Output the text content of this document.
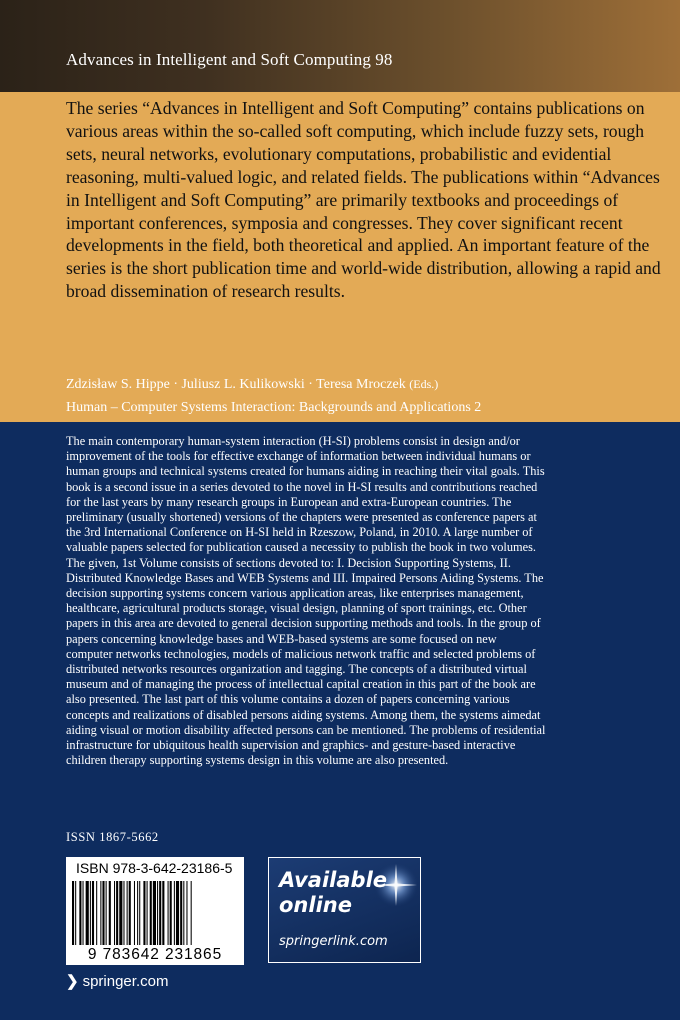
Advances in Intelligent and Soft Computing 98
The series “Advances in Intelligent and Soft Computing” contains publications on various areas within the so-called soft computing, which include fuzzy sets, rough sets, neural networks, evolutionary computations, probabilistic and evidential reasoning, multi-valued logic, and related fields. The publications within “Advances in Intelligent and Soft Computing” are primarily textbooks and proceedings of important conferences, symposia and congresses. They cover significant recent developments in the field, both theoretical and applied. An important feature of the series is the short publication time and world-wide distribution, allowing a rapid and broad dissemination of research results.
Zdzisław S. Hippe · Juliusz L. Kulikowski · Teresa Mroczek (Eds.)
Human – Computer Systems Interaction: Backgrounds and Applications 2
The main contemporary human-system interaction (H-SI) problems consist in design and/or improvement of the tools for effective exchange of information between individual humans or human groups and technical systems created for humans aiding in reaching their vital goals. This book is a second issue in a series devoted to the novel in H-SI results and contributions reached for the last years by many research groups in European and extra-European countries. The preliminary (usually shortened) versions of the chapters were presented as conference papers at the 3rd International Conference on H-SI held in Rzeszow, Poland, in 2010. A large number of valuable papers selected for publication caused a necessity to publish the book in two volumes. The given, 1st Volume consists of sections devoted to: I. Decision Supporting Systems, II. Distributed Knowledge Bases and WEB Systems and III. Impaired Persons Aiding Systems. The decision supporting systems concern various application areas, like enterprises management, healthcare, agricultural products storage, visual design, planning of sport trainings, etc. Other papers in this area are devoted to general decision supporting methods and tools. In the group of papers concerning knowledge bases and WEB-based systems are some focused on new computer networks technologies, models of malicious network traffic and selected problems of distributed networks resources organization and tagging. The concepts of a distributed virtual museum and of managing the process of intellectual capital creation in this part of the book are also presented. The last part of this volume contains a dozen of papers concerning various concepts and realizations of disabled persons aiding systems. Among them, the systems aimedat aiding visual or motion disability affected persons can be mentioned. The problems of residential infrastructure for ubiquitous health supervision and graphics- and gesture-based interactive children therapy supporting systems design in this volume are also presented.
ISSN 1867-5662
ISBN 978-3-642-23186-5
9 783642 231865
Available online
springerlink.com
❯ springer.com
